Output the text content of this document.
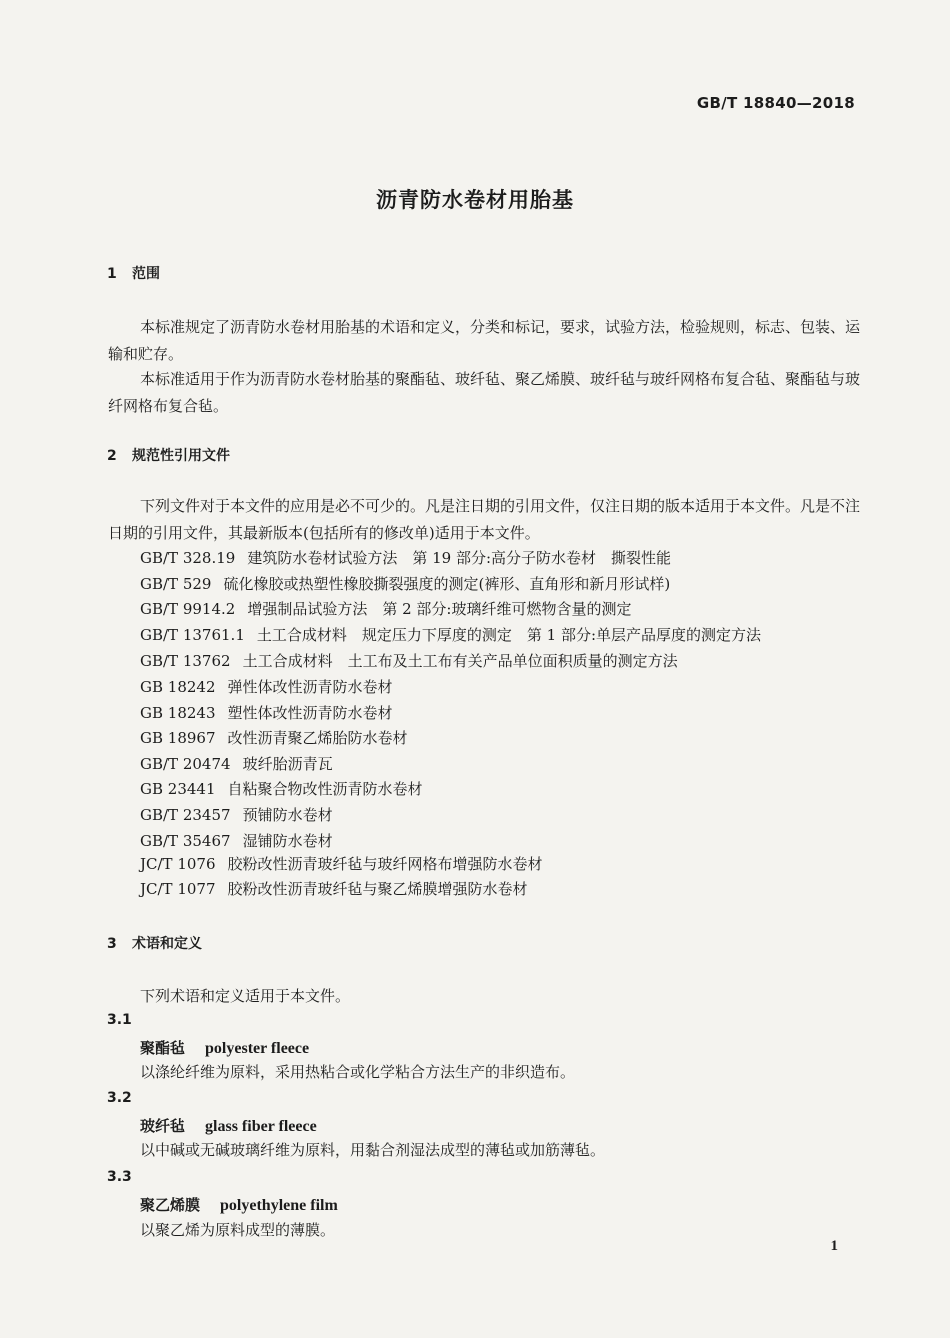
GB/T 18840—2018
沥青防水卷材用胎基
1 范围

本标准规定了沥青防水卷材用胎基的术语和定义，分类和标记，要求，试验方法，检验规则，标志、包装、运输和贮存。

本标准适用于作为沥青防水卷材胎基的聚酯毡、玻纤毡、聚乙烯膜、玻纤毡与玻纤网格布复合毡、聚酯毡与玻纤网格布复合毡。

2 规范性引用文件

下列文件对于本文件的应用是必不可少的。凡是注日期的引用文件，仅注日期的版本适用于本文件。凡是不注日期的引用文件，其最新版本(包括所有的修改单)适用于本文件。

GB/T 328.19 建筑防水卷材试验方法　第 19 部分:高分子防水卷材　撕裂性能
GB/T 529 硫化橡胶或热塑性橡胶撕裂强度的测定(裤形、直角形和新月形试样)
GB/T 9914.2 增强制品试验方法　第 2 部分:玻璃纤维可燃物含量的测定
GB/T 13761.1 土工合成材料　规定压力下厚度的测定　第 1 部分:单层产品厚度的测定方法
GB/T 13762 土工合成材料　土工布及土工布有关产品单位面积质量的测定方法
GB 18242 弹性体改性沥青防水卷材
GB 18243 塑性体改性沥青防水卷材
GB 18967 改性沥青聚乙烯胎防水卷材
GB/T 20474 玻纤胎沥青瓦
GB 23441 自粘聚合物改性沥青防水卷材
GB/T 23457 预铺防水卷材
GB/T 35467 湿铺防水卷材
JC/T 1076 胶粉改性沥青玻纤毡与玻纤网格布增强防水卷材
JC/T 1077 胶粉改性沥青玻纤毡与聚乙烯膜增强防水卷材
3 术语和定义
下列术语和定义适用于本文件。
3.1
聚酯毡 polyester fleece
以涤纶纤维为原料，采用热粘合或化学粘合方法生产的非织造布。
3.2
玻纤毡 glass fiber fleece
以中碱或无碱玻璃纤维为原料，用黏合剂湿法成型的薄毡或加筋薄毡。
3.3
聚乙烯膜 polyethylene film
以聚乙烯为原料成型的薄膜。
1
